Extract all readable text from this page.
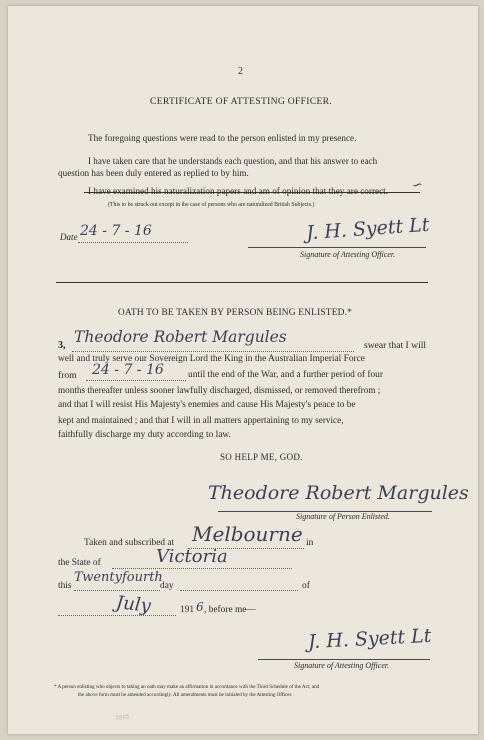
2
CERTIFICATE OF ATTESTING OFFICER.
The foregoing questions were read to the person enlisted in my presence.
I have taken care that he understands each question, and that his answer to each
question has been duly entered as replied to by him.
I have examined his naturalization papers and am of opinion that they are correct. ∽
(This to be struck out except in the case of persons who are naturalized British Subjects.)
Date 24 - 7 - 16	J. H. Syett Lt
Signature of Attesting Officer.
OATH TO BE TAKEN BY PERSON BEING ENLISTED.*
3, Theodore Robert Margules	swear that I will
well and truly serve our Sovereign Lord the King in the Australian Imperial Force
from 24 - 7 - 16	until the end of the War, and a further period of four
months thereafter unless sooner lawfully discharged, dismissed, or removed therefrom ;
and that I will resist His Majesty's enemies and cause His Majesty's peace to be
kept and maintained ; and that I will in all matters appertaining to my service,
faithfully discharge my duty according to law.
SO HELP ME, GOD.
Theodore Robert Margules
Signature of Person Enlisted.
Taken and subscribed at Melbourne in
the State of	Victoria
this
Twentyfourth
day	of
July	191 6 , before me—
J. H. Syett Lt
Signature of Attesting Officer.
* A person enlisting who objects to taking an oath may make an affirmation in accordance with the Third Schedule of the Act, and
the above form must be amended accordingly. All amendments must be initialed by the Attesting Officer.
≈≈
